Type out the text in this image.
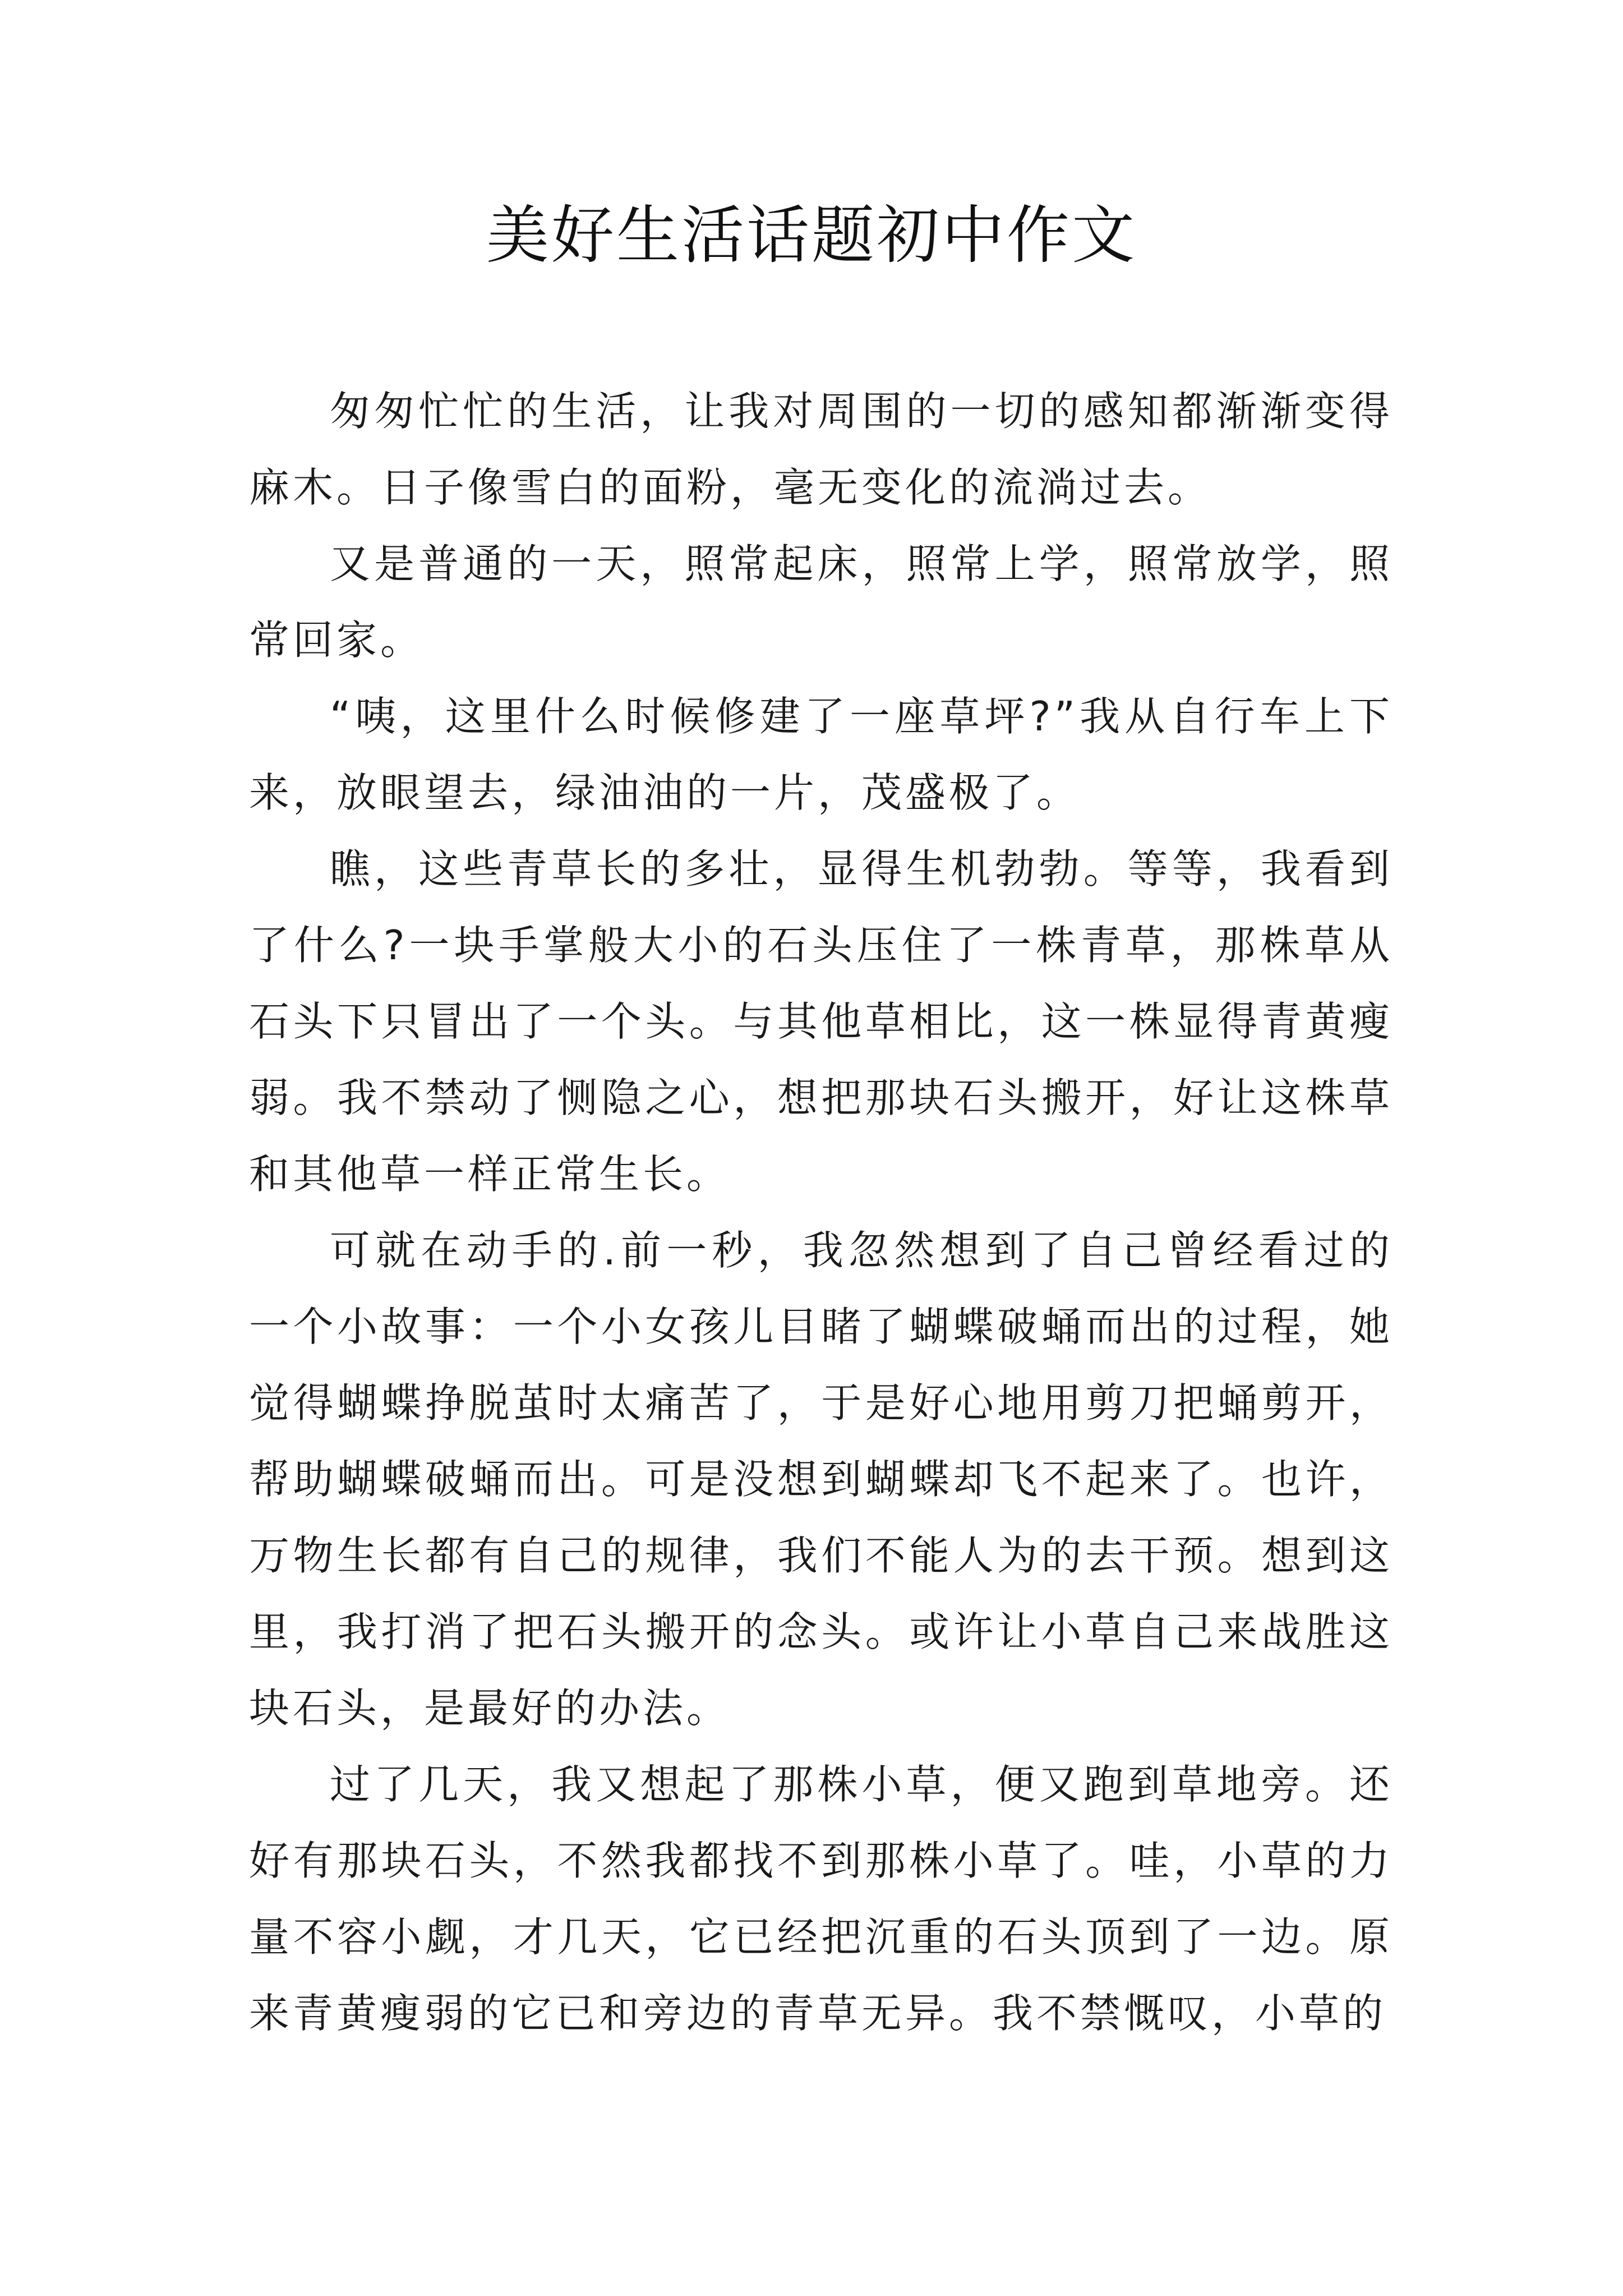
美好生活话题初中作文

匆匆忙忙的生活，让我对周围的一切的感知都渐渐变得麻木。日子像雪白的面粉，毫无变化的流淌过去。

又是普通的一天，照常起床，照常上学，照常放学，照常回家。

“咦，这里什么时候修建了一座草坪?”我从自行车上下来，放眼望去，绿油油的一片，茂盛极了。

瞧，这些青草长的多壮，显得生机勃勃。等等，我看到了什么?一块手掌般大小的石头压住了一株青草，那株草从石头下只冒出了一个头。与其他草相比，这一株显得青黄瘦弱。我不禁动了恻隐之心，想把那块石头搬开，好让这株草和其他草一样正常生长。

可就在动手的.前一秒，我忽然想到了自己曾经看过的一个小故事：一个小女孩儿目睹了蝴蝶破蛹而出的过程，她觉得蝴蝶挣脱茧时太痛苦了，于是好心地用剪刀把蛹剪开，帮助蝴蝶破蛹而出。可是没想到蝴蝶却飞不起来了。也许，万物生长都有自己的规律，我们不能人为的去干预。想到这里，我打消了把石头搬开的念头。或许让小草自己来战胜这块石头，是最好的办法。

过了几天，我又想起了那株小草，便又跑到草地旁。还好有那块石头，不然我都找不到那株小草了。哇，小草的力量不容小觑，才几天，它已经把沉重的石头顶到了一边。原来青黄瘦弱的它已和旁边的青草无异。我不禁慨叹，小草的
